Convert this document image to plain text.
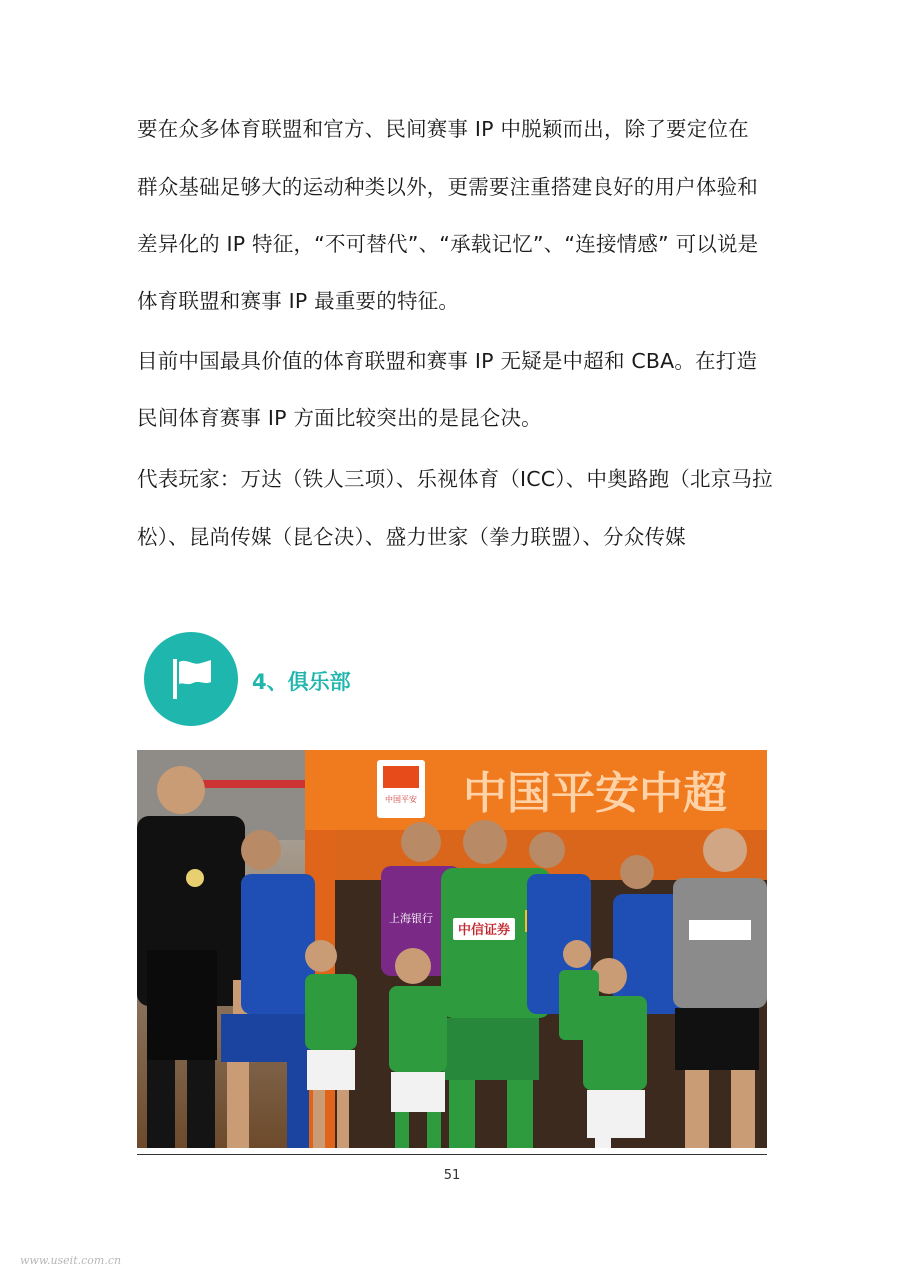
要在众多体育联盟和官方、民间赛事 IP 中脱颖而出，除了要定位在
群众基础足够大的运动种类以外，更需要注重搭建良好的用户体验和
差异化的 IP 特征，“不可替代”、“承载记忆”、“连接情感” 可以说是
体育联盟和赛事 IP 最重要的特征。
目前中国最具价值的体育联盟和赛事 IP 无疑是中超和 CBA。在打造
民间体育赛事 IP 方面比较突出的是昆仑决。
代表玩家：万达（铁人三项）、乐视体育（ICC）、中奥路跑（北京马拉
松）、昆尚传媒（昆仑决）、盛力世家（拳力联盟）、分众传媒
4、俱乐部
中国平安 中国平安中超
上海银行
中信证券
51
www.useit.com.cn
